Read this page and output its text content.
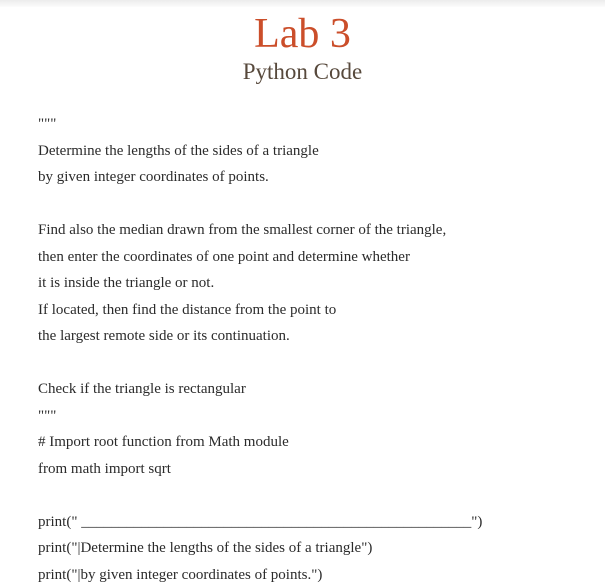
Lab 3
Python Code
"""
Determine the lengths of the sides of a triangle
by given integer coordinates of points.

Find also the median drawn from the smallest corner of the triangle,
then enter the coordinates of one point and determine whether
it is inside the triangle or not.
If located, then find the distance from the point to
the largest remote side or its continuation.

Check if the triangle is rectangular
"""
# Import root function from Math module
from math import sqrt

print(" ____________________________________________________")
print("|Determine the lengths of the sides of a triangle")
print("|by given integer coordinates of points.")
